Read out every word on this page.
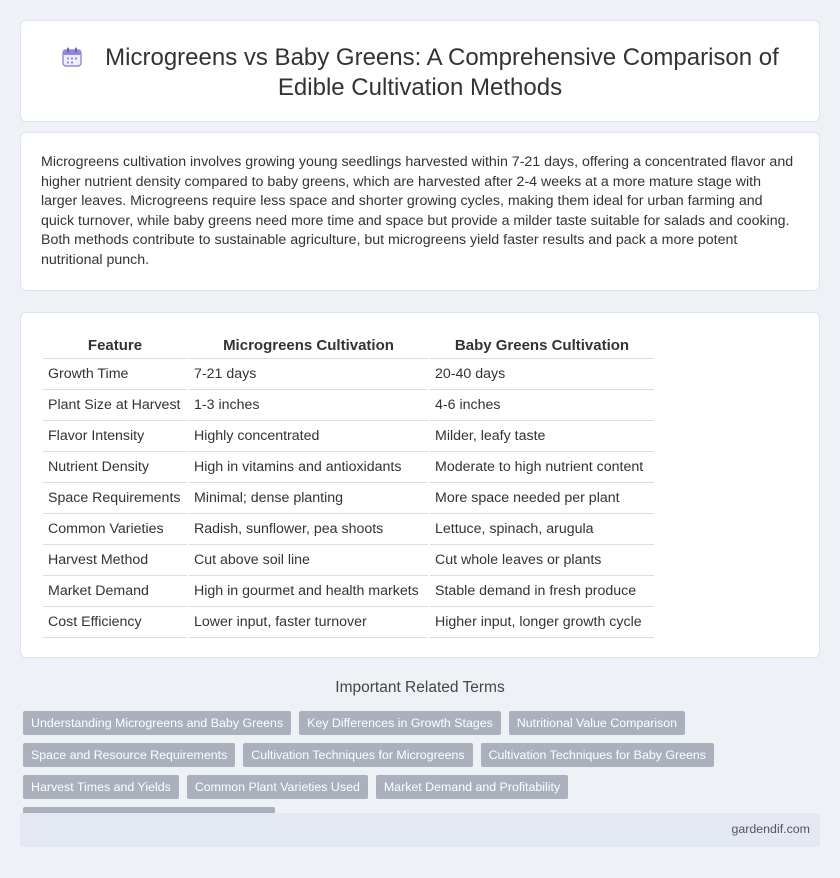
Microgreens vs Baby Greens: A Comprehensive Comparison of
Edible Cultivation Methods

Microgreens cultivation involves growing young seedlings harvested within 7-21 days, offering a concentrated flavor and higher nutrient density compared to baby greens, which are harvested after 2-4 weeks at a more mature stage with larger leaves. Microgreens require less space and shorter growing cycles, making them ideal for urban farming and quick turnover, while baby greens need more time and space but provide a milder taste suitable for salads and cooking. Both methods contribute to sustainable agriculture, but microgreens yield faster results and pack a more potent nutritional punch.

Feature	Microgreens Cultivation	Baby Greens Cultivation
Growth Time	7-21 days	20-40 days
Plant Size at Harvest	1-3 inches	4-6 inches
Flavor Intensity	Highly concentrated	Milder, leafy taste
Nutrient Density	High in vitamins and antioxidants	Moderate to high nutrient content
Space Requirements	Minimal; dense planting	More space needed per plant
Common Varieties	Radish, sunflower, pea shoots	Lettuce, spinach, arugula
Harvest Method	Cut above soil line	Cut whole leaves or plants
Market Demand	High in gourmet and health markets	Stable demand in fresh produce
Cost Efficiency	Lower input, faster turnover	Higher input, longer growth cycle
Important Related Terms
Understanding Microgreens and Baby Greens	Key Differences in Growth Stages	Nutritional Value Comparison
Space and Resource Requirements	Cultivation Techniques for Microgreens	Cultivation Techniques for Baby Greens
Harvest Times and Yields	Common Plant Varieties Used	Market Demand and Profitability
gardendif.com
